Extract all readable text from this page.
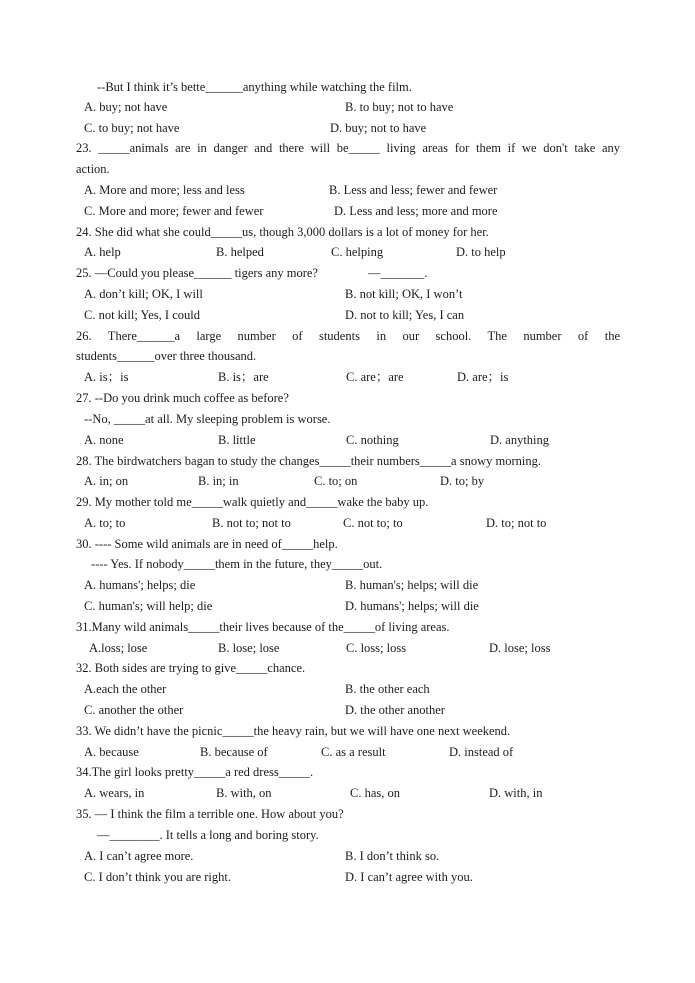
--But I think it’s bette______anything while watching the film.
A. buy; not have	B. to buy; not to have
C. to buy; not have	D. buy; not to have
23. _____animals are in danger and there will be_____ living areas for them if we don't take any
action.
A. More and more; less and less	B. Less and less; fewer and fewer
C. More and more; fewer and fewer	D. Less and less; more and more
24. She did what she could_____us, though 3,000 dollars is a lot of money for her.
A. help	B. helped	C. helping	D. to help
25. —Could you please______ tigers any more?	—_______.
A. don’t kill; OK, I will	B. not kill; OK, I won’t
C. not kill; Yes, I could	D. not to kill; Yes, I can
26. There______a large number of students in our school. The number of the
students______over three thousand.
A. is；is	B. is；are	C. are；are	D. are；is
27. --Do you drink much coffee as before?
--No, _____at all. My sleeping problem is worse.
A. none	B. little	C. nothing	D. anything
28. The birdwatchers bagan to study the changes_____their numbers_____a snowy morning.
A. in; on	B. in; in	C. to; on	D. to; by
29. My mother told me_____walk quietly and_____wake the baby up.
A. to; to	B. not to; not to	C. not to; to	D. to; not to
30. ---- Some wild animals are in need of_____help.
---- Yes. If nobody_____them in the future, they_____out.
A. humans'; helps; die	B. human's; helps; will die
C. human's; will help; die	D. humans'; helps; will die
31.Many wild animals_____their lives because of the_____of living areas.
A.loss; lose	B. lose; lose	C. loss; loss	D. lose; loss
32. Both sides are trying to give_____chance.
A.each the other	B. the other each
C. another the other	D. the other another
33. We didn’t have the picnic_____the heavy rain, but we will have one next weekend.
A. because	B. because of	C. as a result	D. instead of
34.The girl looks pretty_____a red dress_____.
A. wears, in	B. with, on	C. has, on	D. with, in
35. — I think the film a terrible one. How about you?
—________. It tells a long and boring story.
A. I can’t agree more.	B. I don’t think so.
C. I don’t think you are right.	D. I can’t agree with you.
